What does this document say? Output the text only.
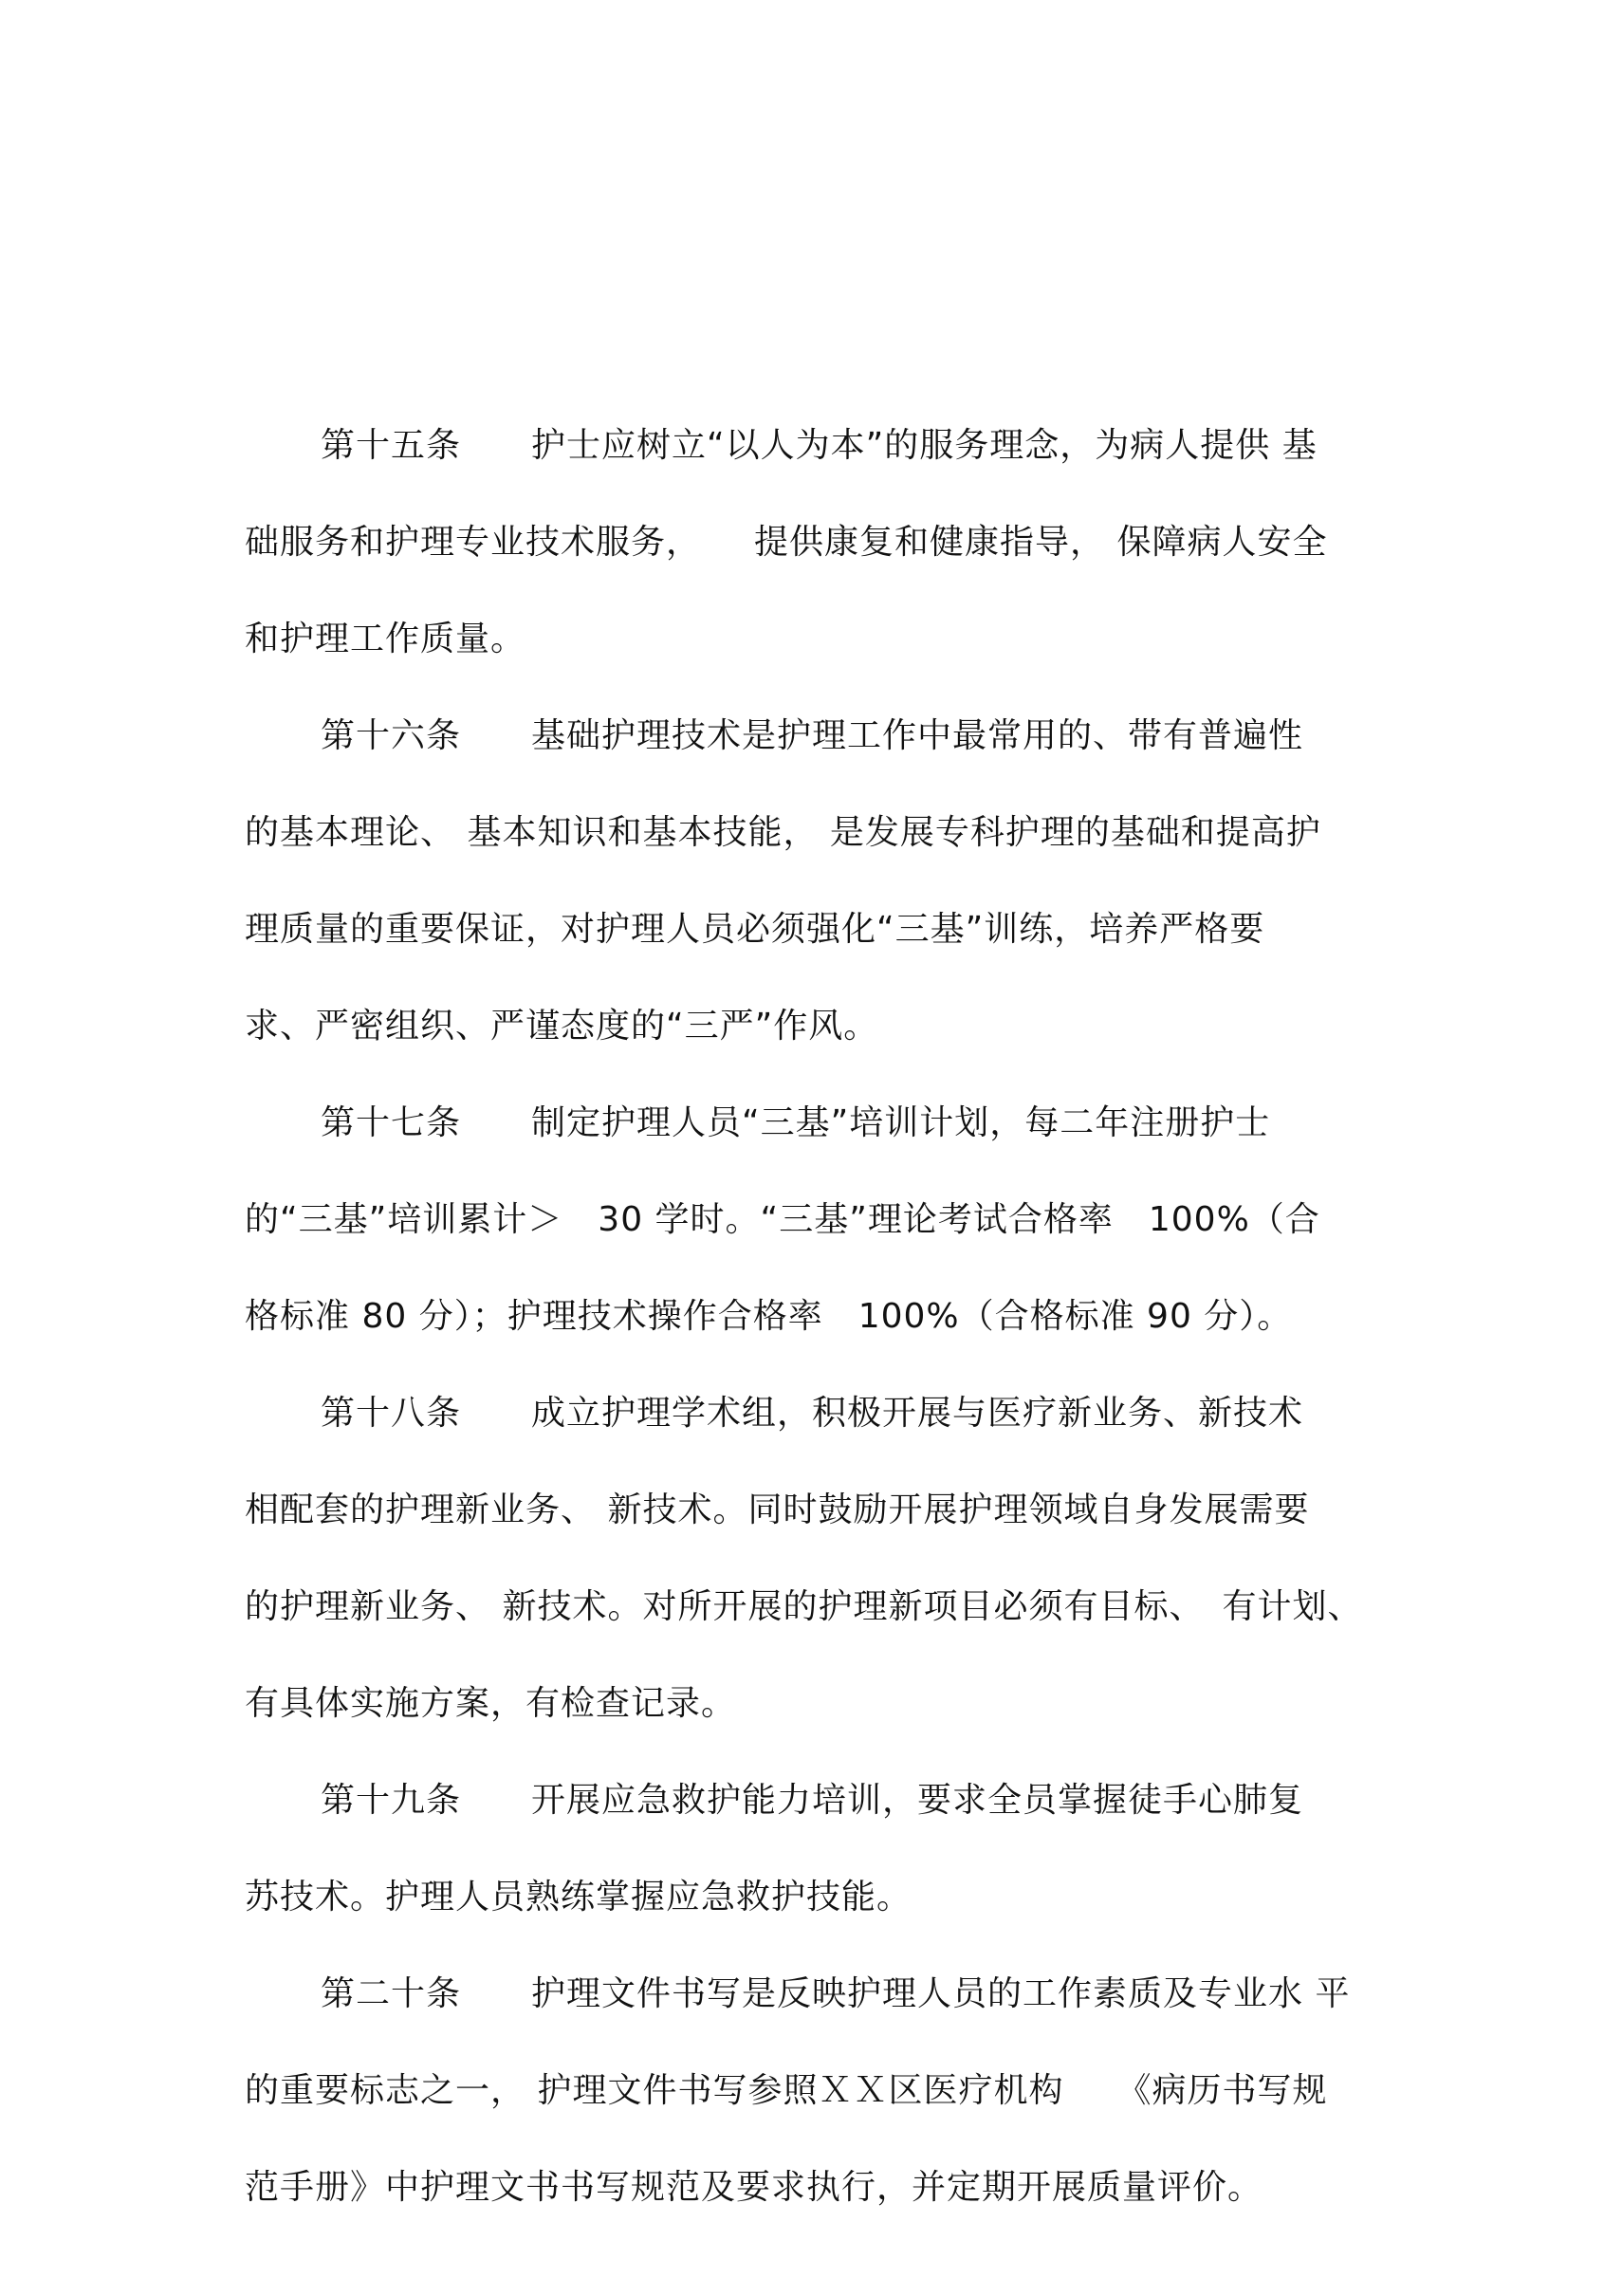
第十五条　　护士应树立“以人为本”的服务理念，为病人提供 基
础服务和护理专业技术服务，　　提供康复和健康指导， 保障病人安全
和护理工作质量。
第十六条　　基础护理技术是护理工作中最常用的、带有普遍性
的基本理论、 基本知识和基本技能， 是发展专科护理的基础和提高护
理质量的重要保证，对护理人员必须强化“三基”训练，培养严格要
求、严密组织、严谨态度的“三严”作风。
第十七条　　制定护理人员“三基”培训计划，每二年注册护士
的“三基”培训累计＞　30 学时。“三基”理论考试合格率　100%（合
格标准 80 分）；护理技术操作合格率　100%（合格标准 90 分）。
第十八条　　成立护理学术组，积极开展与医疗新业务、新技术
相配套的护理新业务、 新技术。同时鼓励开展护理领域自身发展需要
的护理新业务、 新技术。对所开展的护理新项目必须有目标、　有计划、
有具体实施方案，有检查记录。
第十九条　　开展应急救护能力培训，要求全员掌握徒手心肺复
苏技术。护理人员熟练掌握应急救护技能。
第二十条　　护理文件书写是反映护理人员的工作素质及专业水 平
的重要标志之一， 护理文件书写参照ＸＸ区医疗机构　　《病历书写规
范手册》中护理文书书写规范及要求执行，并定期开展质量评价。
